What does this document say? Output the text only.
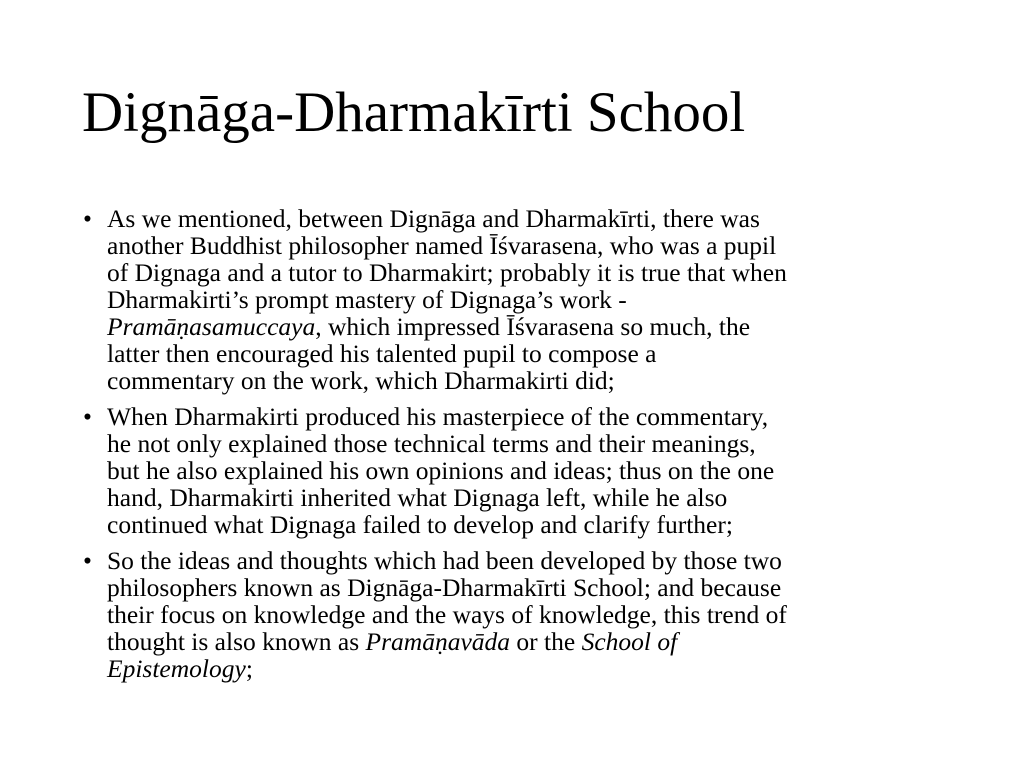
Dignāga-Dharmakīrti School
• As we mentioned, between Dignāga and Dharmakīrti, there was
another Buddhist philosopher named Īśvarasena, who was a pupil
of Dignaga and a tutor to Dharmakirt; probably it is true that when
Dharmakirti’s prompt mastery of Dignaga’s work -
Pramāṇasamuccaya, which impressed Īśvarasena so much, the
latter then encouraged his talented pupil to compose a
commentary on the work, which Dharmakirti did;
• When Dharmakirti produced his masterpiece of the commentary,
he not only explained those technical terms and their meanings,
but he also explained his own opinions and ideas; thus on the one
hand, Dharmakirti inherited what Dignaga left, while he also
continued what Dignaga failed to develop and clarify further;
• So the ideas and thoughts which had been developed by those two
philosophers known as Dignāga-Dharmakīrti School; and because
their focus on knowledge and the ways of knowledge, this trend of
thought is also known as Pramāṇavāda or the School of
Epistemology;
